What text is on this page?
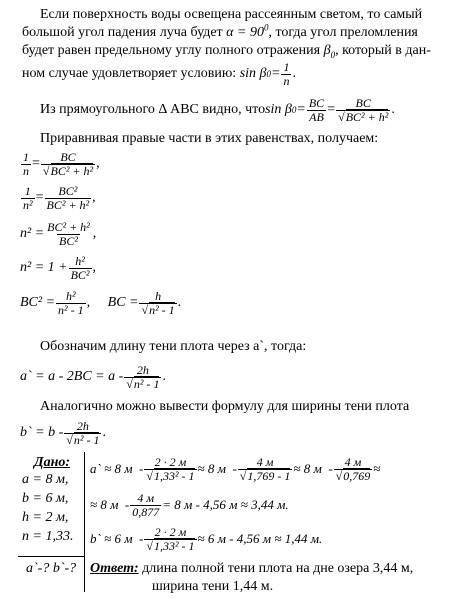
Если поверхность воды освещена рассеянным светом, то самый
большой угол падения луча будет $\alpha = 90^0$, тогда угол преломления
будет равен предельному углу полного отражения $\beta_0$, который в дан-
ном случае удовлетворяет условию:
sin β $0 = \frac{1}{n}$ .
Из прямоугольного Δ ABC видно, что sin β $0 = \frac{BC}{AB} = \frac{BC}{\text{√BC² + h²}}$ .
Приравнивая правые части в этих равенствах, получаем:
$\frac{1}{n} = \frac{BC}{\text{√BC² + h²}}$ ,
$\frac{1}{\text{n²}} = \frac{\text{BC²}}{\text{BC² + h²}}$ ,
$n^2 = \frac{\text{BC² + h²}}{\text{BC²}}$ ,
$n^2 = 1 + \frac{\text{h²}}{\text{BC²}}$ ,
$BC^2 = \frac{\text{h²}}{\text{n² - 1}}$ ,     BC = $\frac{h}{\text{√n² - 1}}$ .
Обозначим длину тени плота через a`, тогда:
a` = $a - 2BC = a - \frac{2h}{\text{√n² - 1}}$ .
Аналогично можно вывести формулу для ширины тени плота
b` = b - $\frac{2h}{\text{√n² - 1}}$ .
Дано:
a = 8 м,
b = 6 м,
h = 2 м,
n = 1,33.
a`-? b`-?
a` ≈ 8 $м - \frac{2 \cdot 2 м}{\text{√1,33² - 1}} \approx 8$ $м - \frac{4 м}{√1,769 - 1} \approx 8$ м  - $\frac{4 м}{√0,769}$ ≈
≈ 8 $м - \frac{4 м}{0,877} = 8$ м - 4,56 м ≈ 3,44 м.
b` ≈ 6 $м - \frac{2 \cdot 2 м}{\text{√1,33² - 1}} \approx 6$ м - 4,56 м ≈ 1,44 м.
Ответ: длина полной тени плота на дне озера 3,44 м,
ширина тени 1,44 м.
